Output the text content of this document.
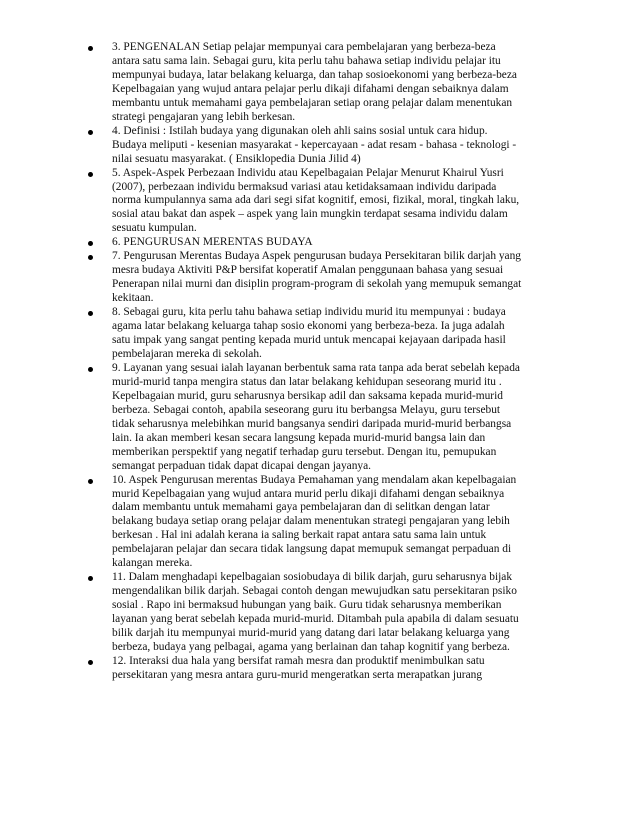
3. PENGENALAN Setiap pelajar mempunyai cara pembelajaran yang berbeza-beza
antara satu sama lain. Sebagai guru, kita perlu tahu bahawa setiap individu pelajar itu
mempunyai budaya, latar belakang keluarga, dan tahap sosioekonomi yang berbeza-beza
Kepelbagaian yang wujud antara pelajar perlu dikaji difahami dengan sebaiknya dalam
membantu untuk memahami gaya pembelajaran setiap orang pelajar dalam menentukan
strategi pengajaran yang lebih berkesan.
4. Definisi : Istilah budaya yang digunakan oleh ahli sains sosial untuk cara hidup.
Budaya meliputi - kesenian masyarakat - kepercayaan - adat resam - bahasa - teknologi -
nilai sesuatu masyarakat. ( Ensiklopedia Dunia Jilid 4)
5. Aspek-Aspek Perbezaan Individu atau Kepelbagaian Pelajar Menurut Khairul Yusri
(2007), perbezaan individu bermaksud variasi atau ketidaksamaan individu daripada
norma kumpulannya sama ada dari segi sifat kognitif, emosi, fizikal, moral, tingkah laku,
sosial atau bakat dan aspek – aspek yang lain mungkin terdapat sesama individu dalam
sesuatu kumpulan.
6. PENGURUSAN MERENTAS BUDAYA
7. Pengurusan Merentas Budaya Aspek pengurusan budaya Persekitaran bilik darjah yang
mesra budaya Aktiviti P&P bersifat koperatif Amalan penggunaan bahasa yang sesuai
Penerapan nilai murni dan disiplin program-program di sekolah yang memupuk semangat
kekitaan.
8. Sebagai guru, kita perlu tahu bahawa setiap individu murid itu mempunyai : budaya
agama latar belakang keluarga tahap sosio ekonomi yang berbeza-beza. Ia juga adalah
satu impak yang sangat penting kepada murid untuk mencapai kejayaan daripada hasil
pembelajaran mereka di sekolah.
9. Layanan yang sesuai ialah layanan berbentuk sama rata tanpa ada berat sebelah kepada
murid-murid tanpa mengira status dan latar belakang kehidupan seseorang murid itu .
Kepelbagaian murid, guru seharusnya bersikap adil dan saksama kepada murid-murid
berbeza. Sebagai contoh, apabila seseorang guru itu berbangsa Melayu, guru tersebut
tidak seharusnya melebihkan murid bangsanya sendiri daripada murid-murid berbangsa
lain. Ia akan memberi kesan secara langsung kepada murid-murid bangsa lain dan
memberikan perspektif yang negatif terhadap guru tersebut. Dengan itu, pemupukan
semangat perpaduan tidak dapat dicapai dengan jayanya.
10. Aspek Pengurusan merentas Budaya Pemahaman yang mendalam akan kepelbagaian
murid Kepelbagaian yang wujud antara murid perlu dikaji difahami dengan sebaiknya
dalam membantu untuk memahami gaya pembelajaran dan di selitkan dengan latar
belakang budaya setiap orang pelajar dalam menentukan strategi pengajaran yang lebih
berkesan . Hal ini adalah kerana ia saling berkait rapat antara satu sama lain untuk
pembelajaran pelajar dan secara tidak langsung dapat memupuk semangat perpaduan di
kalangan mereka.
11. Dalam menghadapi kepelbagaian sosiobudaya di bilik darjah, guru seharusnya bijak
mengendalikan bilik darjah. Sebagai contoh dengan mewujudkan satu persekitaran psiko
sosial . Rapo ini bermaksud hubungan yang baik. Guru tidak seharusnya memberikan
layanan yang berat sebelah kepada murid-murid. Ditambah pula apabila di dalam sesuatu
bilik darjah itu mempunyai murid-murid yang datang dari latar belakang keluarga yang
berbeza, budaya yang pelbagai, agama yang berlainan dan tahap kognitif yang berbeza.
12. Interaksi dua hala yang bersifat ramah mesra dan produktif menimbulkan satu
persekitaran yang mesra antara guru-murid mengeratkan serta merapatkan jurang
